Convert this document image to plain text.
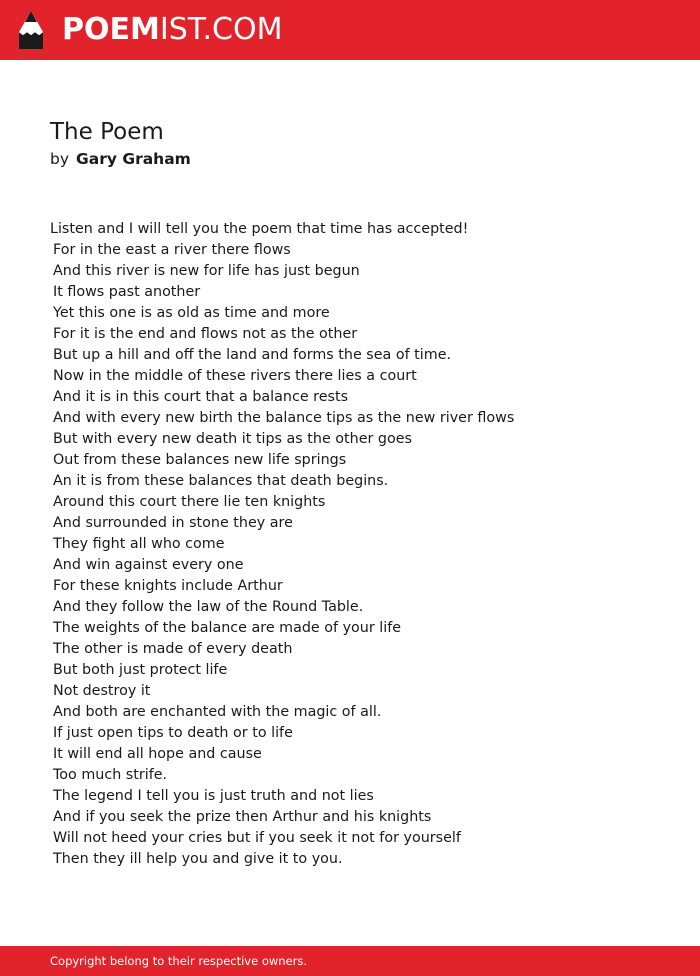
POEMIST.COM
The Poem
by Gary Graham
Listen and I will tell you the poem that time has accepted!
For in the east a river there flows
And this river is new for life has just begun
It flows past another
Yet this one is as old as time and more
For it is the end and flows not as the other
But up a hill and off the land and forms the sea of time.
Now in the middle of these rivers there lies a court
And it is in this court that a balance rests
And with every new birth the balance tips as the new river flows
But with every new death it tips as the other goes
Out from these balances new life springs
An it is from these balances that death begins.
Around this court there lie ten knights
And surrounded in stone they are
They fight all who come
And win against every one
For these knights include Arthur
And they follow the law of the Round Table.
The weights of the balance are made of your life
The other is made of every death
But both just protect life
Not destroy it
And both are enchanted with the magic of all.
If just open tips to death or to life
It will end all hope and cause
Too much strife.
The legend I tell you is just truth and not lies
And if you seek the prize then Arthur and his knights
Will not heed your cries but if you seek it not for yourself
Then they ill help you and give it to you.
Copyright belong to their respective owners.
